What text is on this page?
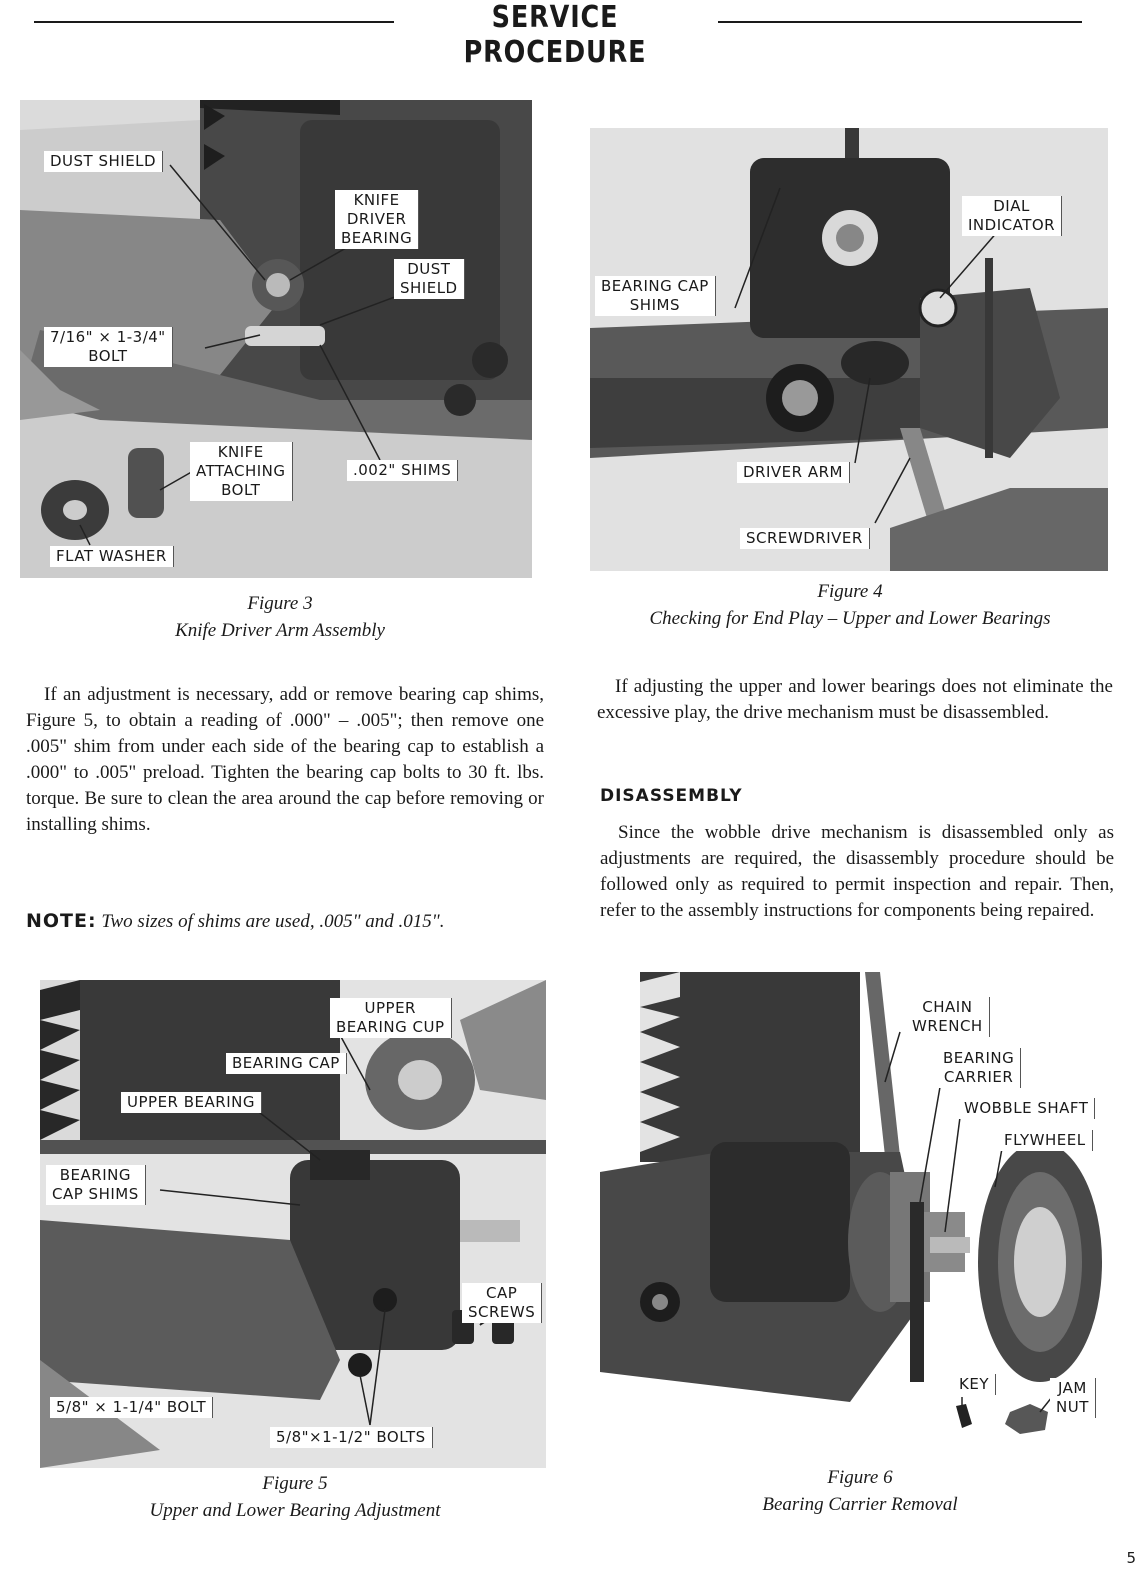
SERVICE PROCEDURE
DUST SHIELD
KNIFE
DRIVER
BEARING
DUST
SHIELD
7/16" × 1-3/4"
BOLT
KNIFE
ATTACHING
BOLT
.002" SHIMS
FLAT WASHER
Figure 3
Knife Driver Arm Assembly
DIAL
INDICATOR
BEARING CAP
SHIMS
DRIVER ARM
SCREWDRIVER
Figure 4
Checking for End Play – Upper and Lower Bearings

If an adjustment is necessary, add or remove bearing cap shims, Figure 5, to obtain a reading of .000" – .005"; then remove one .005" shim from under each side of the bearing cap to establish a .000" to .005" preload. Tighten the bearing cap bolts to 30 ft. lbs. torque. Be sure to clean the area around the cap before removing or installing shims.

NOTE: Two sizes of shims are used, .005" and .015".

If adjusting the upper and lower bearings does not eliminate the excessive play, the drive mechanism must be disassembled.

DISASSEMBLY

Since the wobble drive mechanism is disassembled only as adjustments are required, the disassembly procedure should be followed only as required to permit inspection and repair. Then, refer to the assembly instructions for components being repaired.

UPPER
BEARING CUP
BEARING CAP
UPPER BEARING
BEARING
CAP SHIMS
CAP
SCREWS
5/8" × 1-1/4" BOLT
5/8"×1-1/2" BOLTS
Figure 5
Upper and Lower Bearing Adjustment
CHAIN
WRENCH
BEARING
CARRIER
WOBBLE SHAFT
FLYWHEEL
KEY	JAM
NUT
Figure 6
Bearing Carrier Removal
5
